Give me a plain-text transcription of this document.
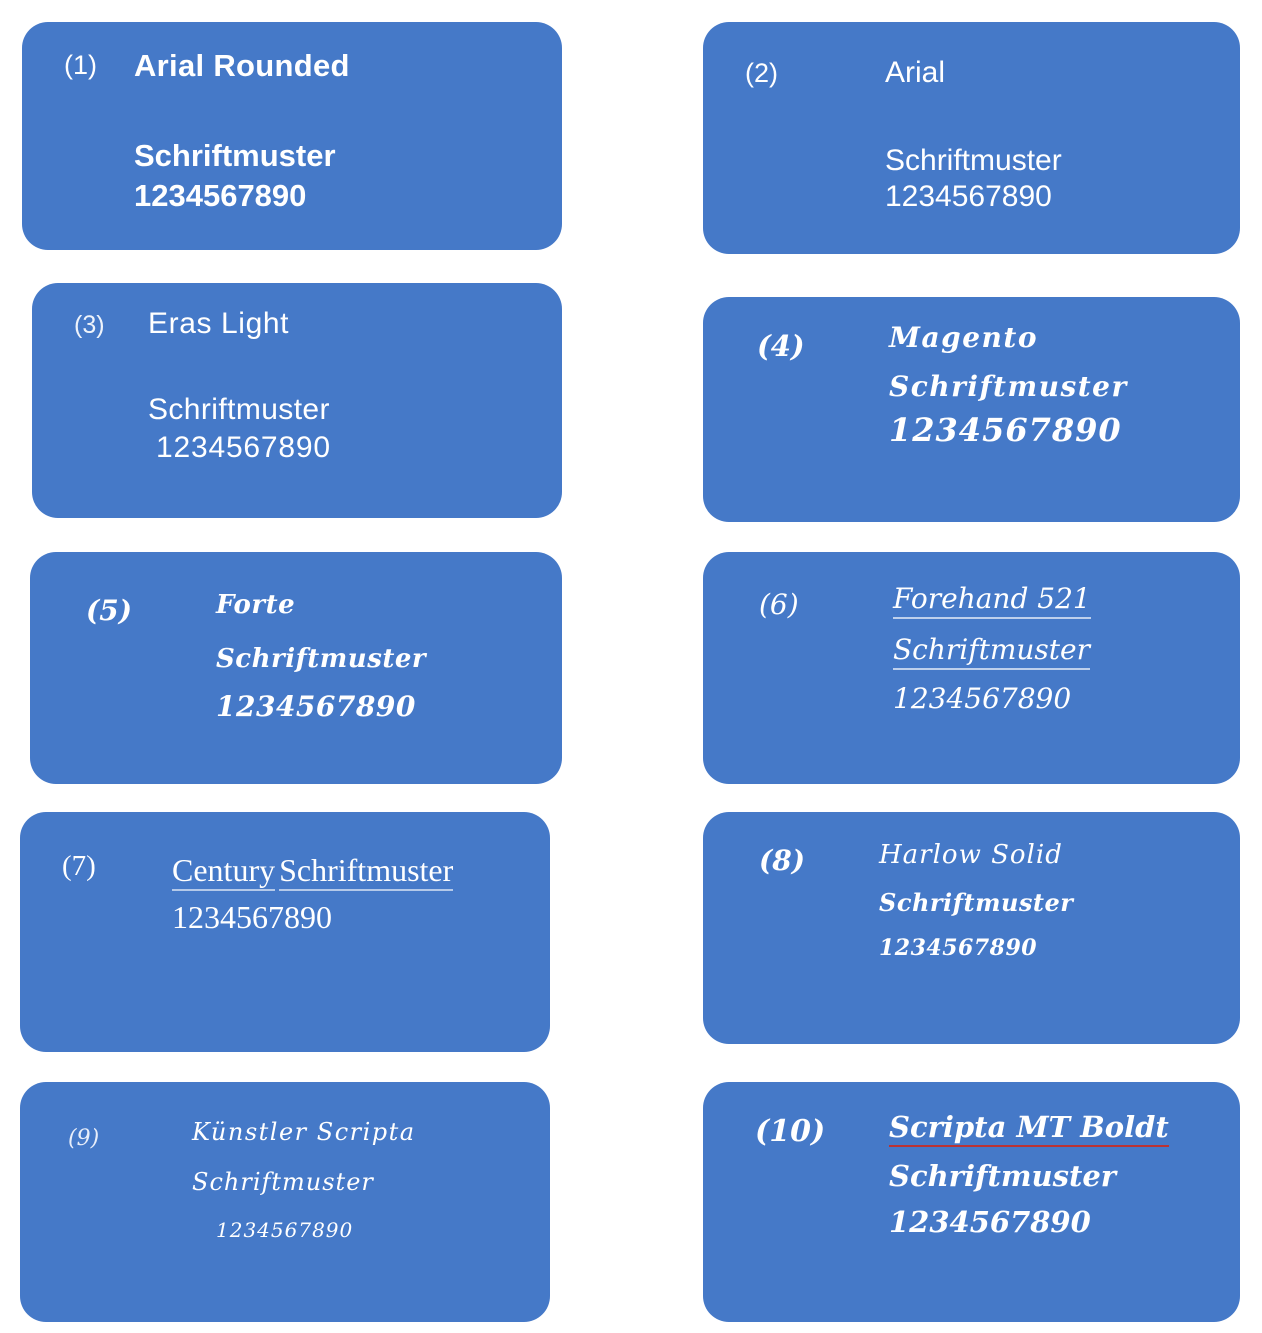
(1) Arial Rounded
Schriftmuster
1234567890
(2)	Arial
Schriftmuster
1234567890
(3) Eras Light
Schriftmuster
1234567890
(4)	Magento
Schriftmuster
1234567890
(5)	Forte
Schriftmuster
1234567890
(6)	Forehand 521 Schriftmuster
1234567890
(7) Century Schriftmuster
1234567890
(8)	Harlow Solid
Schriftmuster
1234567890
(9)	Künstler Scripta
Schriftmuster
1234567890
(10) Scripta MT Boldt
Schriftmuster
1234567890
